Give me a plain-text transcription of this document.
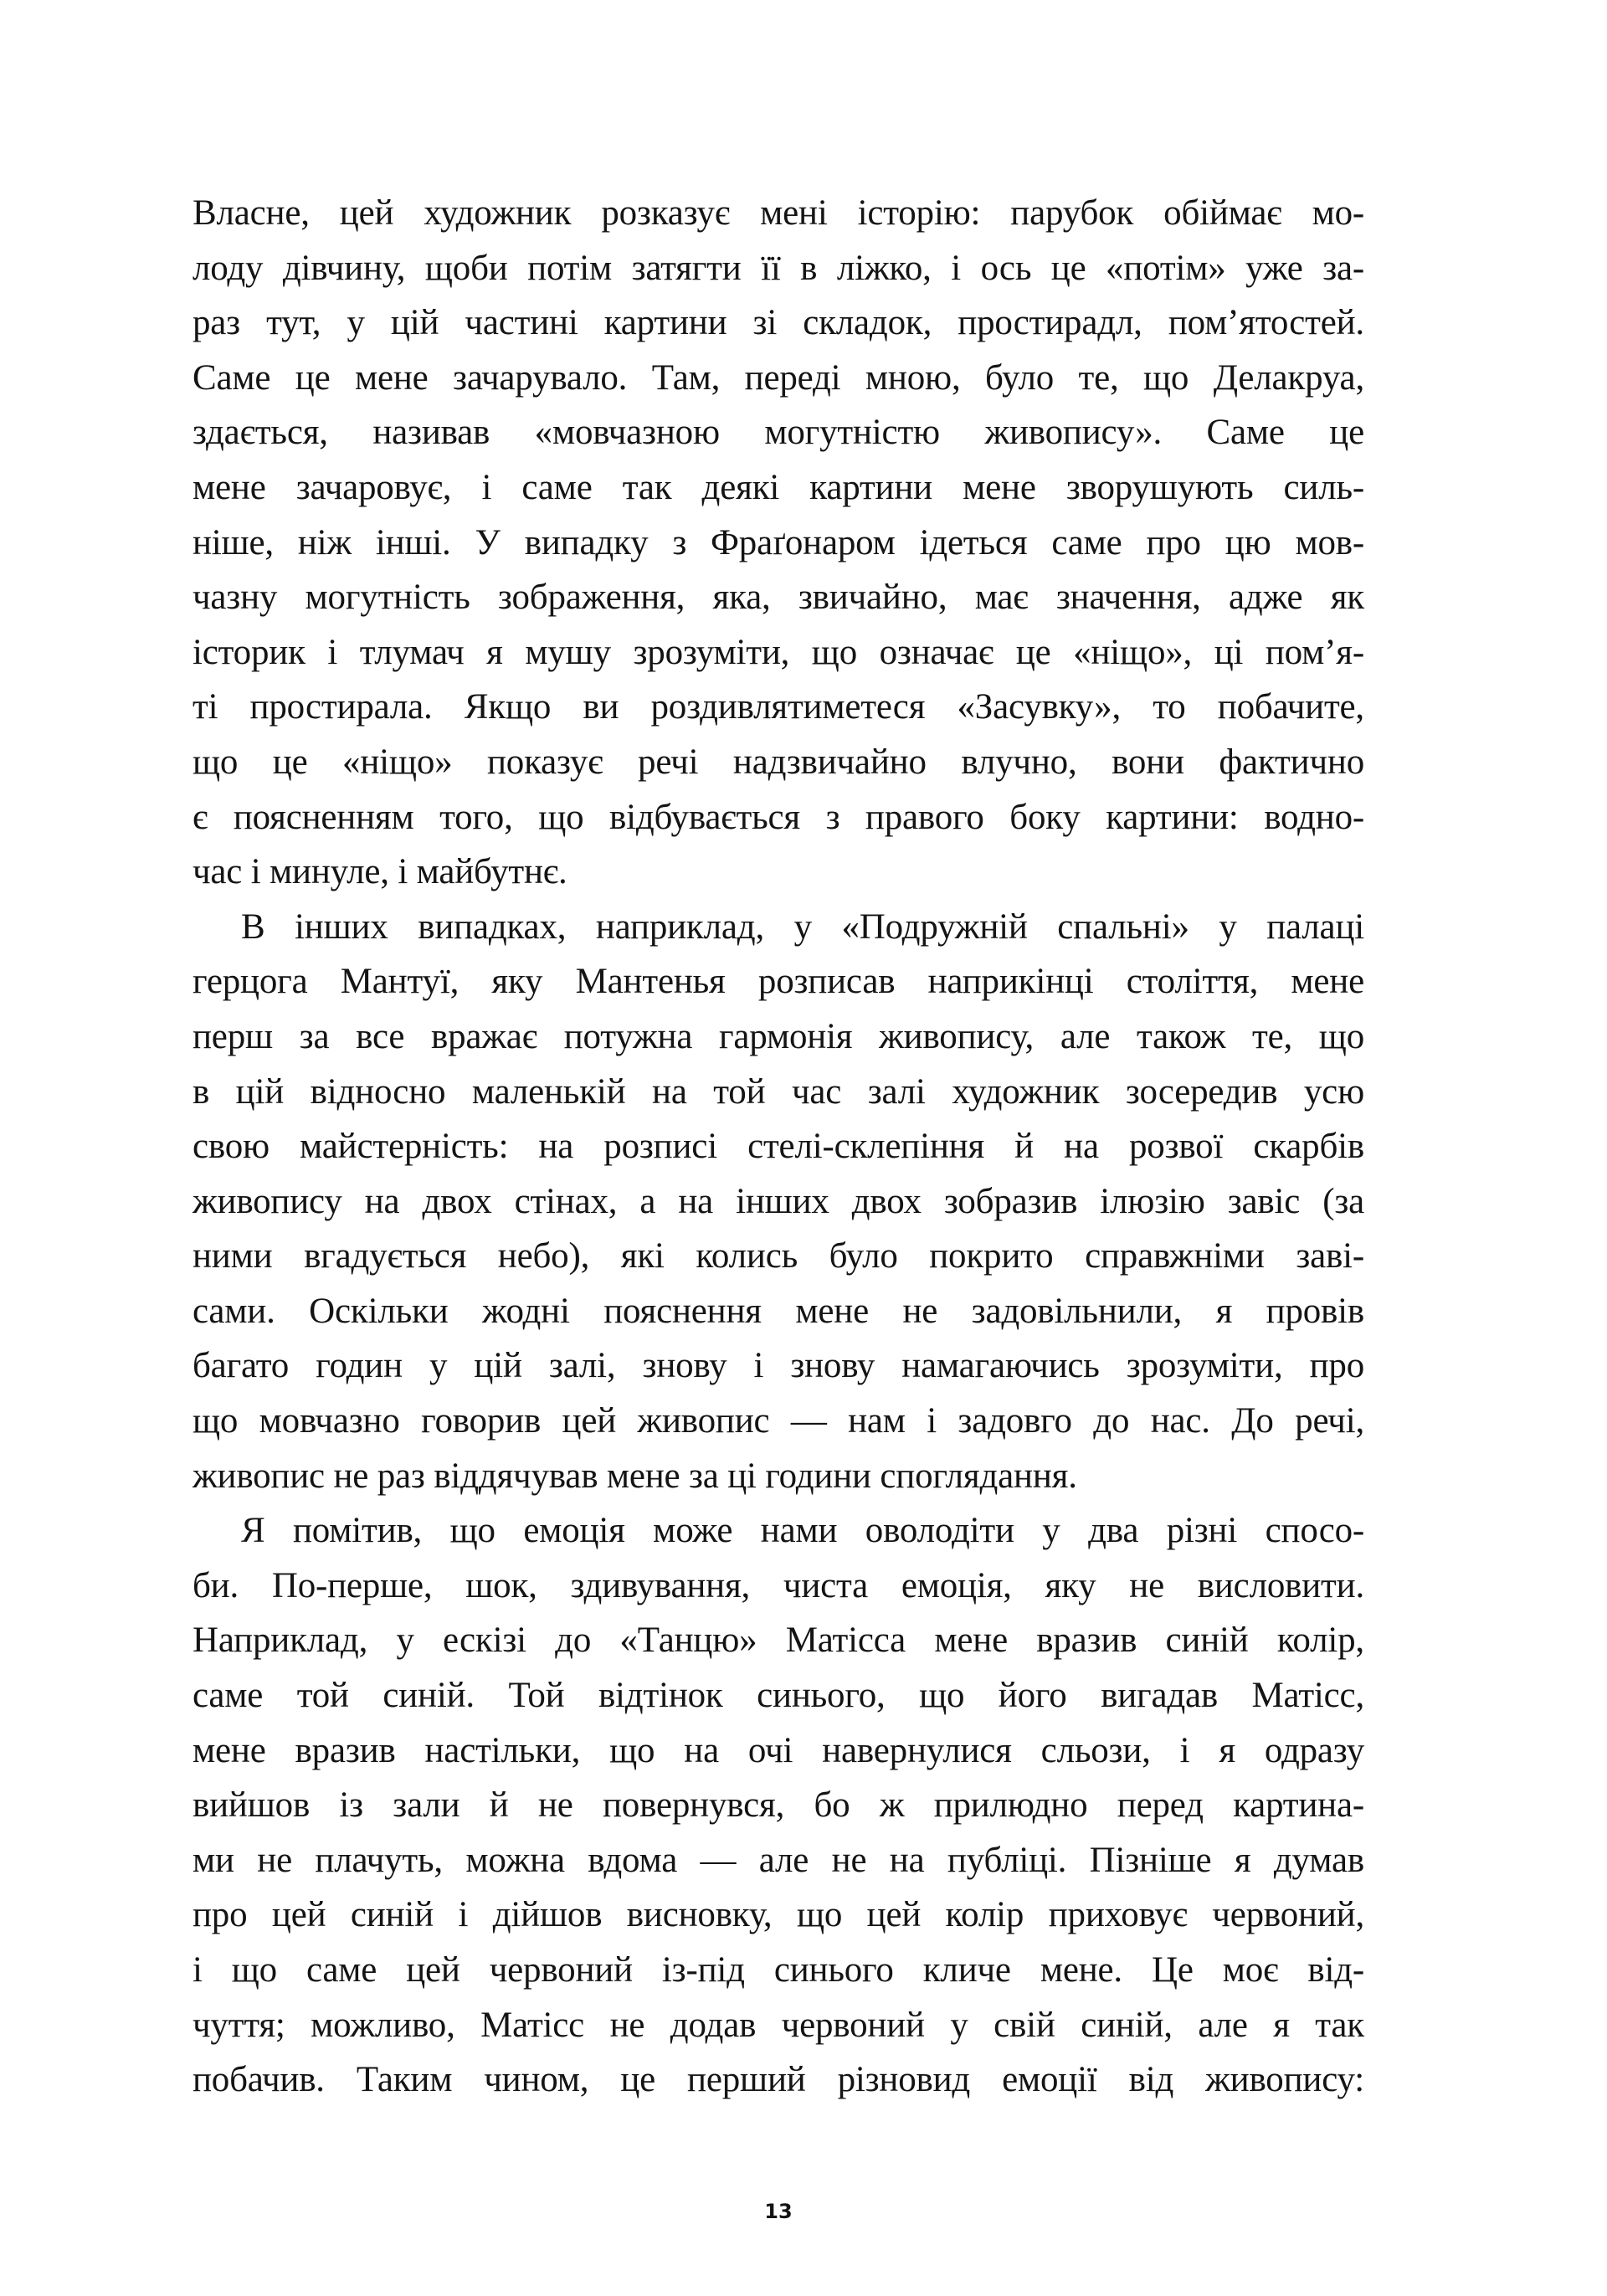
Власне, цей художник розказує мені історію: парубок обіймає мо-
лоду дівчину, щоби потім затягти її в ліжко, і ось це «потім» уже за-
раз тут, у цій частині картини зі складок, простирадл, пом’ятостей.
Саме це мене зачарувало. Там, переді мною, було те, що Делакруа,
здається, називав «мовчазною могутністю живопису». Саме це
мене зачаровує, і саме так деякі картини мене зворушують силь-
ніше, ніж інші. У випадку з Фраґонаром ідеться саме про цю мов-
чазну могутність зображення, яка, звичайно, має значення, адже як
історик і тлумач я мушу зрозуміти, що означає це «ніщо», ці пом’я-
ті простирала. Якщо ви роздивлятиметеся «Засувку», то побачите,
що це «ніщо» показує речі надзвичайно влучно, вони фактично
є поясненням того, що відбувається з правого боку картини: водно-
час і минуле, і майбутнє.
В інших випадках, наприклад, у «Подружній спальні» у палаці
герцога Мантуї, яку Мантенья розписав наприкінці століття, мене
перш за все вражає потужна гармонія живопису, але також те, що
в цій відносно маленькій на той час залі художник зосередив усю
свою майстерність: на розписі стелі-склепіння й на розвої скарбів
живопису на двох стінах, а на інших двох зобразив ілюзію завіс (за
ними вгадується небо), які колись було покрито справжніми завi-
сами. Оскільки жодні пояснення мене не задовільнили, я провів
багато годин у цій залі, знову і знову намагаючись зрозуміти, про
що мовчазно говорив цей живопис — нам і задовго до нас. До речі,
живопис не раз віддячував мене за ці години споглядання.
Я помітив, що емоція може нами оволодіти у два різні спосо-
би. По-перше, шок, здивування, чиста емоція, яку не висловити.
Наприклад, у ескізі до «Танцю» Матісса мене вразив синій колір,
саме той синій. Той відтінок синього, що його вигадав Матісс,
мене вразив настільки, що на очі навернулися сльози, і я одразу
вийшов із зали й не повернувся, бо ж прилюдно перед картина-
ми не плачуть, можна вдома — але не на публіці. Пізніше я думав
про цей синій і дійшов висновку, що цей колір приховує червоний,
і що саме цей червоний із-під синього кличе мене. Це моє від-
чуття; можливо, Матісс не додав червоний у свій синій, але я так
побачив. Таким чином, це перший різновид емоції від живопису:
13
